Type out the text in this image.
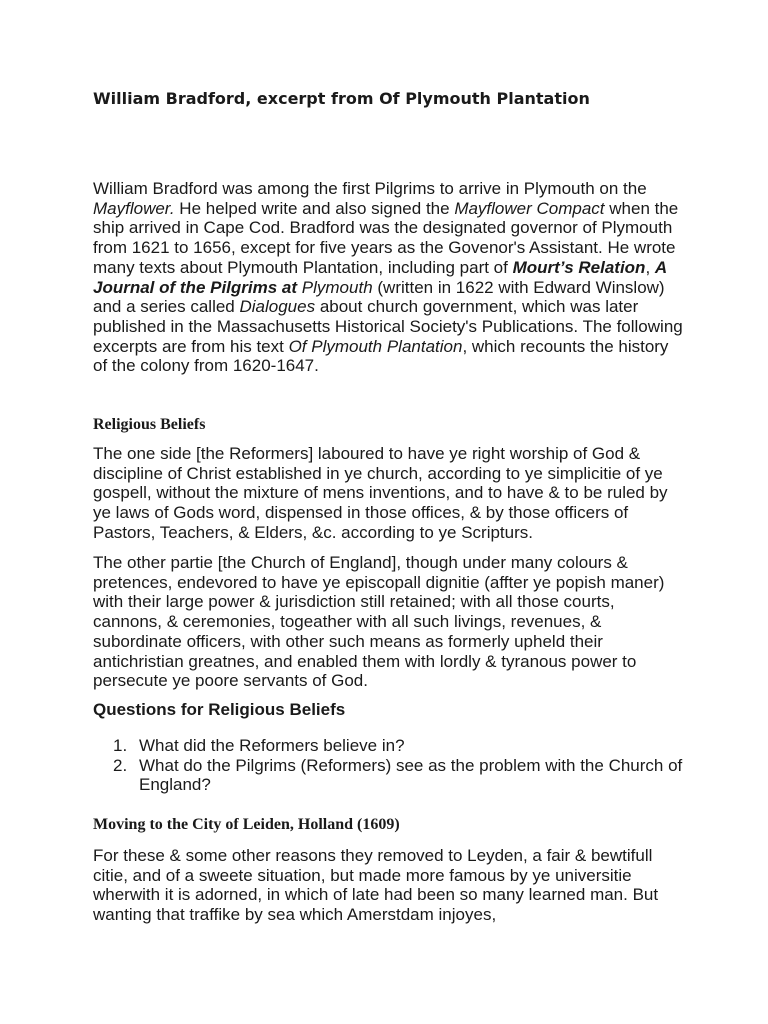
William Bradford, excerpt from Of Plymouth Plantation

William Bradford was among the first Pilgrims to arrive in Plymouth on the Mayflower. He helped write and also signed the Mayflower Compact when the ship arrived in Cape Cod. Bradford was the designated governor of Plymouth from 1621 to 1656, except for five years as the Govenor's Assistant. He wrote many texts about Plymouth Plantation, including part of Mourt’s Relation, A Journal of the Pilgrims at Plymouth (written in 1622 with Edward Winslow) and a series called Dialogues about church government, which was later published in the Massachusetts Historical Society's Publications. The following excerpts are from his text Of Plymouth Plantation, which recounts the history of the colony from 1620-1647.

Religious Beliefs

The one side [the Reformers] laboured to have ye right worship of God & discipline of Christ established in ye church, according to ye simplicitie of ye gospell, without the mixture of mens inventions, and to have & to be ruled by ye laws of Gods word, dispensed in those offices, & by those officers of Pastors, Teachers, & Elders, &c. according to ye Scripturs.

The other partie [the Church of England], though under many colours & pretences, endevored to have ye episcopall dignitie (affter ye popish maner) with their large power & jurisdiction still retained; with all those courts, cannons, & ceremonies, togeather with all such livings, revenues, & subordinate officers, with other such means as formerly upheld their antichristian greatnes, and enabled them with lordly & tyranous power to persecute ye poore servants of God.

Questions for Religious Beliefs
1. What did the Reformers believe in?
2. What do the Pilgrims (Reformers) see as the problem with the Church of England?
Moving to the City of Leiden, Holland (1609)

For these & some other reasons they removed to Leyden, a fair & bewtifull citie, and of a sweete situation, but made more famous by ye universitie wherwith it is adorned, in which of late had been so many learned man. But wanting that traffike by sea which Amerstdam injoyes,
